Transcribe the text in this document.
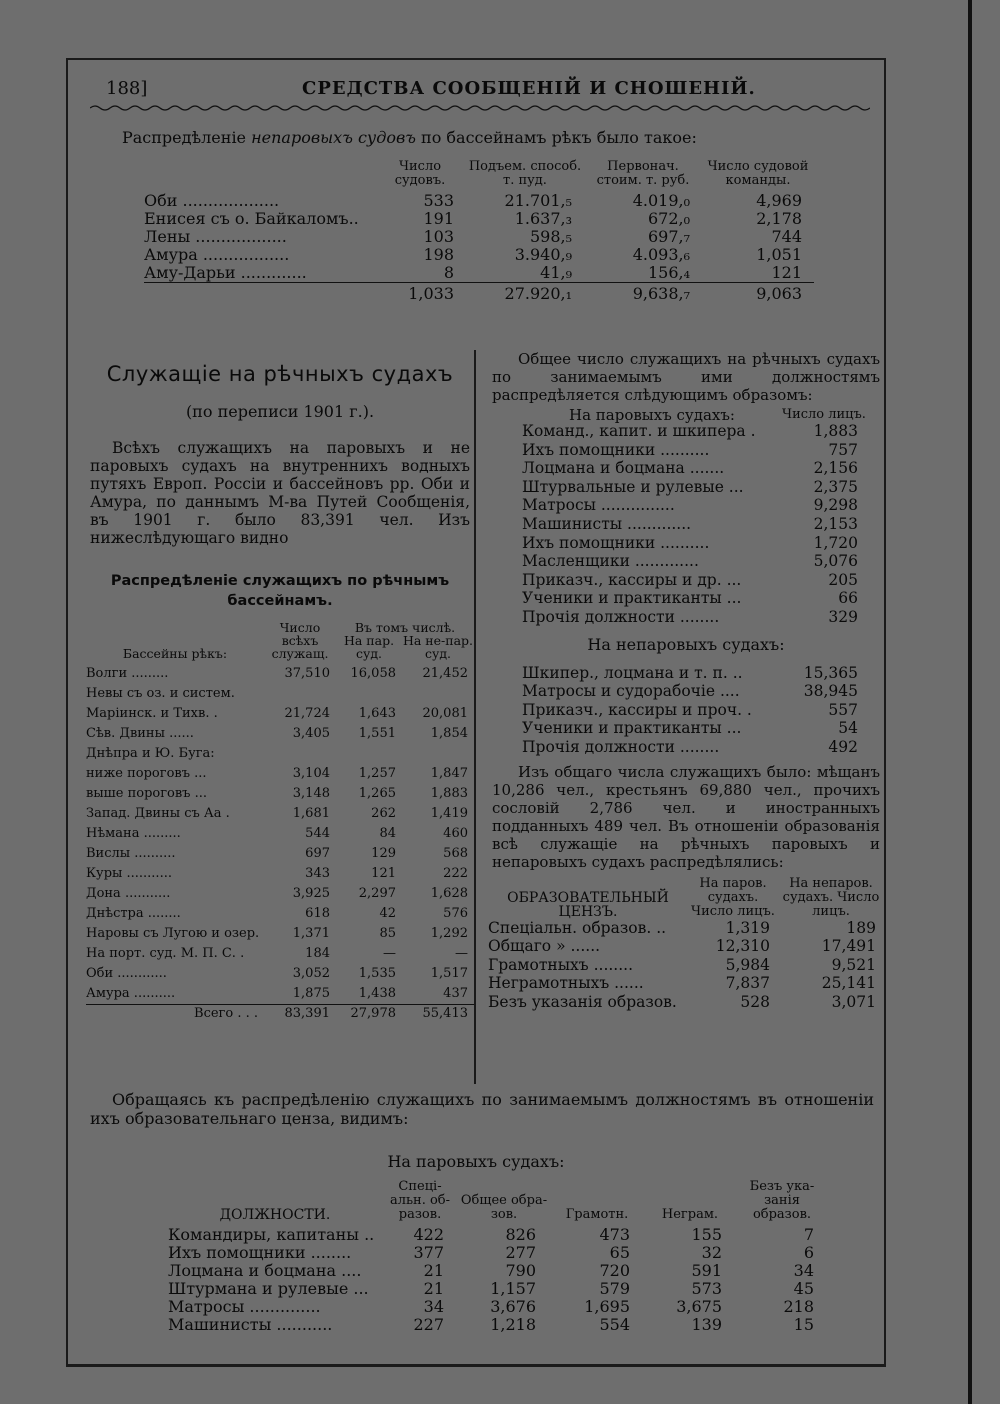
188]	СРЕДСТВА СООБЩЕНІЙ И СНОШЕНІЙ.
Распредѣленіе непаровыхъ судовъ по бассейнамъ рѣкъ было такое:
	Число судовъ.	Подъем. способ. т. пуд.	Первонач. стоим. т. руб.	Число судовой команды.
Оби ...................	533	21.701,₅	4.019,₀	4,969
Енисея съ о. Байкаломъ..	191	1.637,₃	672,₀	2,178
Лены ..................	103	598,₅	697,₇	744
Амура .................	198	3.940,₉	4.093,₆	1,051
Аму-Дарьи .............	8	41,₉	156,₄	121
	1,033	27.920,₁	9,638,₇	9,063
Служащіе на рѣчныхъ судахъ
(по переписи 1901 г.).
Всѣхъ служащихъ на паровыхъ и не паровыхъ судахъ на внутреннихъ водныхъ путяхъ Европ. Россіи и бассейновъ рр. Оби и Амура, по даннымъ М-ва Путей Сообщенія, въ 1901 г. было 83,391 чел. Изъ нижеслѣдующаго видно
Распредѣленіе служащихъ по рѣчнымъ бассейнамъ.
Бассейны рѣкъ:	Число всѣхъ служащ.	Въ томъ числѣ.	
		На пар. суд.	На не-пар. суд.
Волги .........	37,510	16,058	21,452
Невы съ оз. и систем.			
Маріинск. и Тихв. .	21,724	1,643	20,081
Сѣв. Двины ......	3,405	1,551	1,854
Днѣпра и Ю. Буга:			
ниже пороговъ ...	3,104	1,257	1,847
выше пороговъ ...	3,148	1,265	1,883
Запад. Двины съ Аа .	1,681	262	1,419
Нѣмана .........	544	84	460
Вислы ..........	697	129	568
Куры ...........	343	121	222
Дона ...........	3,925	2,297	1,628
Днѣстра ........	618	42	576
Наровы съ Лугою и озер.	1,371	85	1,292
На порт. суд. М. П. С. .	184	—	—
Оби ............	3,052	1,535	1,517
Амура ..........	1,875	1,438	437
Всего . . .	83,391	27,978	55,413
Общее число служащихъ на рѣчныхъ судахъ по занимаемымъ ими должностямъ распредѣляется слѣдующимъ образомъ:
На паровыхъ судахъ:	Число лицъ.
Команд., капит. и шкипера .	1,883
Ихъ помощники ..........	757
Лоцмана и боцмана .......	2,156
Штурвальные и рулевые ...	2,375
Матросы ...............	9,298
Машинисты .............	2,153
Ихъ помощники ..........	1,720
Масленщики .............	5,076
Приказч., кассиры и др. ...	205
Ученики и практиканты ...	66
Прочія должности ........	329
На непаровыхъ судахъ:
Шкипер., лоцмана и т. п. ..	15,365
Матросы и судорабочіе ....	38,945
Приказч., кассиры и проч. .	557
Ученики и практиканты ...	54
Прочія должности ........	492
Изъ общаго числа служащихъ было: мѣщанъ 10,286 чел., крестьянъ 69,880 чел., прочихъ сословій 2,786 чел. и иностранныхъ подданныхъ 489 чел. Въ отношеніи образованія всѣ служащіе на рѣчныхъ паровыхъ и непаровыхъ судахъ распредѣлялись:
ОБРАЗОВАТЕЛЬНЫЙ ЦЕНЗЪ.	На паров. судахъ. Число лицъ.	На непаров. судахъ. Число лицъ.
Спеціальн. образов. ..	1,319	189
Общаго » ......	12,310	17,491
Грамотныхъ ........	5,984	9,521
Неграмотныхъ ......	7,837	25,141
Безъ указанія образов.	528	3,071
Обращаясь къ распредѣленію служащихъ по занимаемымъ должностямъ въ отношеніи ихъ образовательнаго ценза, видимъ:
На паровыхъ судахъ:
ДОЛЖНОСТИ.	Спеці-альн. об-разов.	Общее обра-зов.	Грамотн.	Неграм.	Безъ ука-занія образов.
Командиры, капитаны ..	422	826	473	155	7
Ихъ помощники ........	377	277	65	32	6
Лоцмана и боцмана ....	21	790	720	591	34
Штурмана и рулевые ...	21	1,157	579	573	45
Матросы ..............	34	3,676	1,695	3,675	218
Машинисты ...........	227	1,218	554	139	15
